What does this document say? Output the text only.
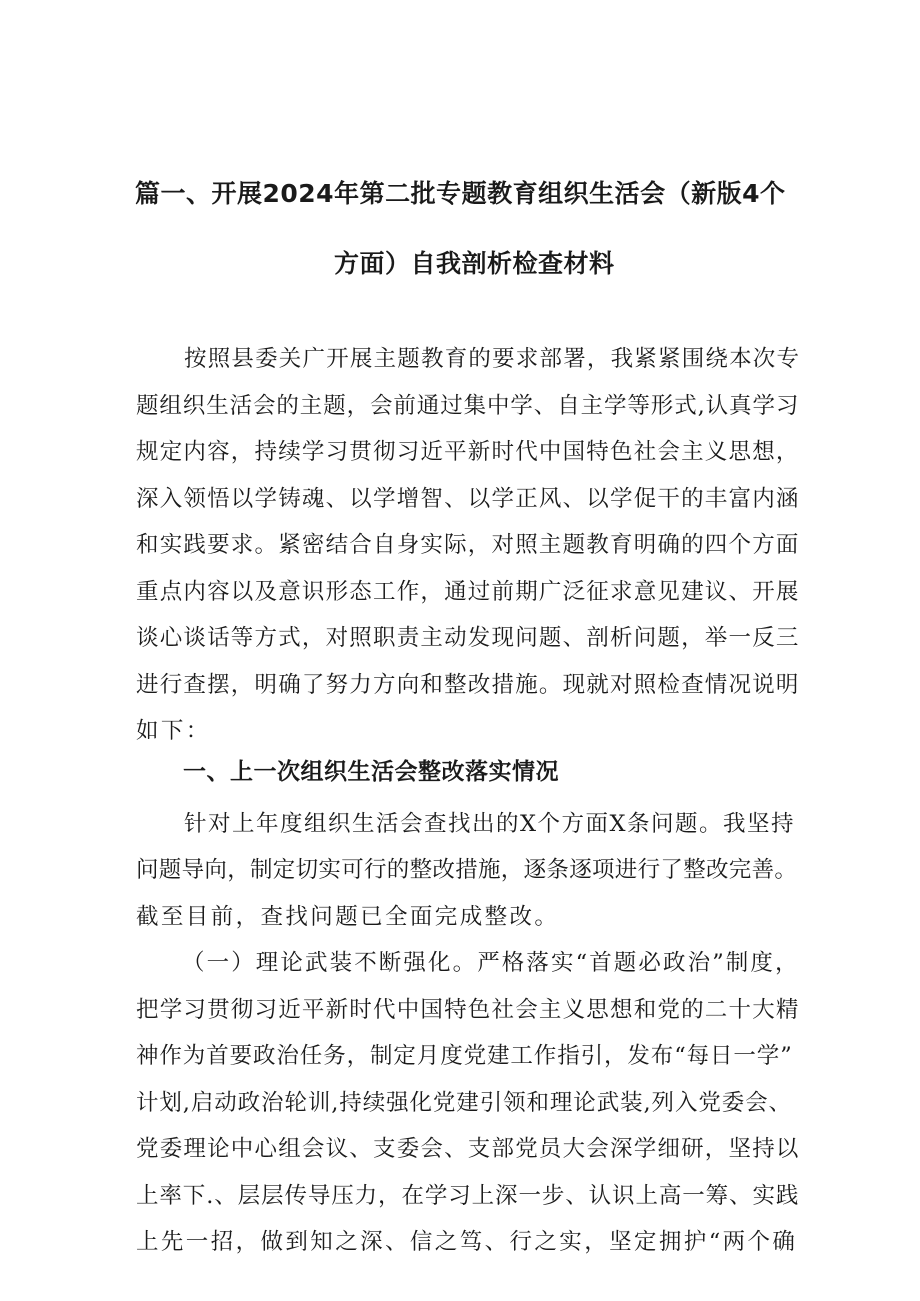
篇一、开展2024年第二批专题教育组织生活会（新版4个
方面）自我剖析检查材料
按照县委关广开展主题教育的要求部署，我紧紧围绕本次专
题组织生活会的主题，会前通过集中学、自主学等形式,认真学习
规定内容，持续学习贯彻习近平新时代中国特色社会主义思想，
深入领悟以学铸魂、以学增智、以学正风、以学促干的丰富内涵
和实践要求。紧密结合自身实际，对照主题教育明确的四个方面
重点内容以及意识形态工作，通过前期广泛征求意见建议、开展
谈心谈话等方式，对照职责主动发现问题、剖析问题，举一反三
进行查摆，明确了努力方向和整改措施。现就对照检查情况说明
如下：
一、上一次组织生活会整改落实情况
针对上年度组织生活会查找出的X个方面X条问题。我坚持
问题导向，制定切实可行的整改措施，逐条逐项进行了整改完善。
截至目前，查找问题已全面完成整改。
（一）理论武装不断强化。严格落实“首题必政治”制度，
把学习贯彻习近平新时代中国特色社会主义思想和党的二十大精
神作为首要政治任务，制定月度党建工作指引，发布“每日一学”
计划,启动政治轮训,持续强化党建引领和理论武装,列入党委会、
党委理论中心组会议、支委会、支部党员大会深学细研，坚持以
上率下.、层层传导压力，在学习上深一步、认识上高一筹、实践
上先一招，做到知之深、信之笃、行之实，坚定拥护“两个确
